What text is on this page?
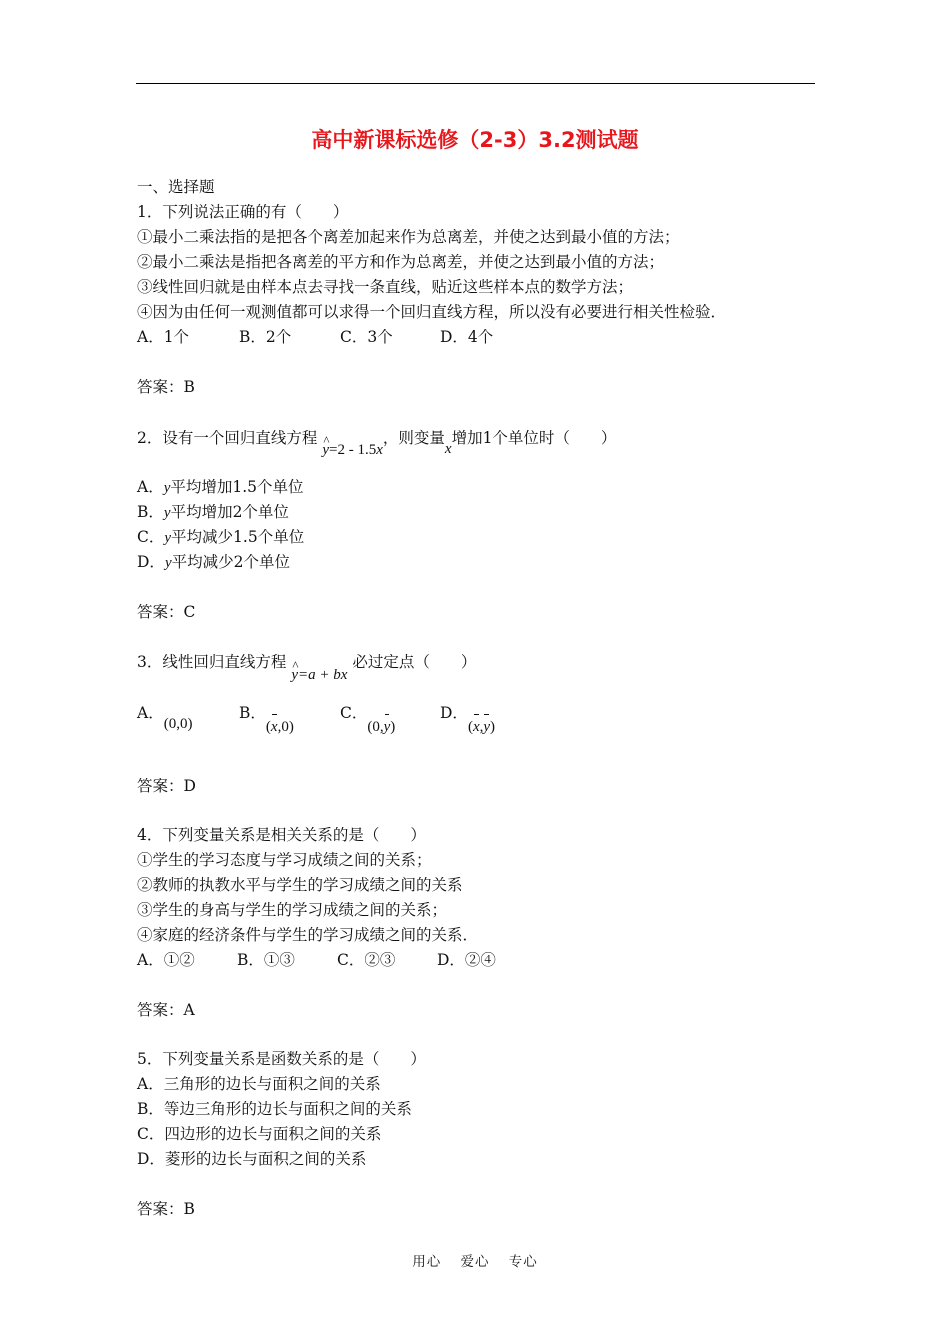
高中新课标选修（2-3）3.2测试题
一、选择题
1．下列说法正确的有（　　）
①最小二乘法指的是把各个离差加起来作为总离差，并使之达到最小值的方法；
②最小二乘法是指把各离差的平方和作为总离差，并使之达到最小值的方法；
③线性回归就是由样本点去寻找一条直线，贴近这些样本点的数学方法；
④因为由任何一观测值都可以求得一个回归直线方程，所以没有必要进行相关性检验．
A．1个	B．2个	C．3个	D．4个
答案：B
2．设有一个回归直线方程 ^ y=2 - 1.5x，则变量x增加1个单位时（　　）
A．y平均增加1.5个单位
B．y平均增加2个单位
C．y平均减少1.5个单位
D．y平均减少2个单位
答案：C
3．线性回归直线方程 ^ y=a + bx 必过定点（　　）
A．(0,0)
B．(x,0)
C．(0,y)
D．(x,y)
答案：D
4．下列变量关系是相关关系的是（　　）
①学生的学习态度与学习成绩之间的关系；
②教师的执教水平与学生的学习成绩之间的关系
③学生的身高与学生的学习成绩之间的关系；
④家庭的经济条件与学生的学习成绩之间的关系．
A．①②	B．①③	C．②③	D．②④
答案：A
5．下列变量关系是函数关系的是（　　）
A．三角形的边长与面积之间的关系
B．等边三角形的边长与面积之间的关系
C．四边形的边长与面积之间的关系
D．菱形的边长与面积之间的关系
答案：B
用心 爱心 专心
